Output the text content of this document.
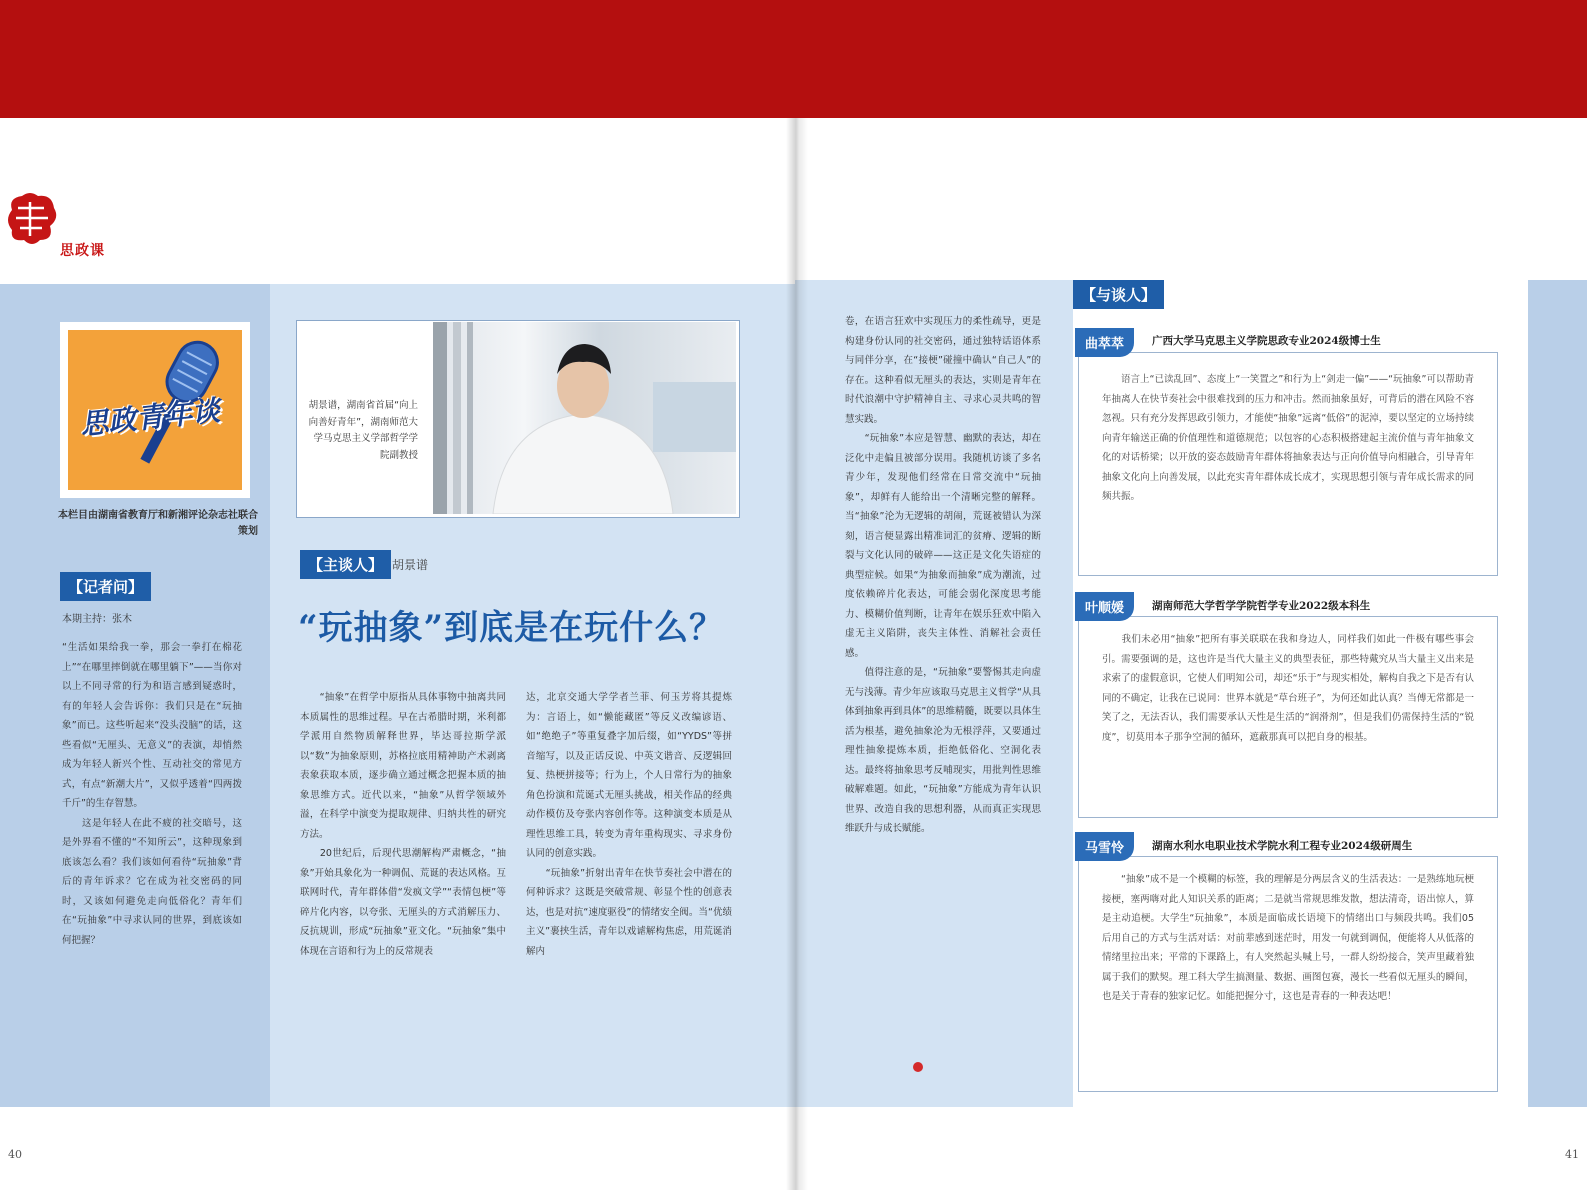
思政课
思政青年谈
本栏目由湖南省教育厅和新湘评论杂志社联合策划
【记者问】
本期主持：张木
“生活如果给我一拳，那会一拳打在棉花上”“在哪里摔倒就在哪里躺下”——当你对以上不同寻常的行为和语言感到疑惑时，有的年轻人会告诉你：我们只是在“玩抽象”而已。这些听起来“没头没脑”的话，这些看似“无厘头、无意义”的表演，却悄然成为年轻人新兴个性、互动社交的常见方式，有点“新潮大片”，又似乎透着“四两拨千斤”的生存智慧。
　　这是年轻人在此不疲的社交暗号，这是外界看不懂的“不知所云”，这种现象到底该怎么看？我们该如何看待“玩抽象”背后的青年诉求？它在成为社交密码的同时，又该如何避免走向低俗化？青年们在“玩抽象”中寻求认同的世界，到底该如何把握？
胡景谱，湖南省首届“向上向善好青年”，湖南师范大学马克思主义学部哲学学院副教授
【主谈人】 胡景谱
“玩抽象”到底是在玩什么？
　　“抽象”在哲学中原指从具体事物中抽离共同本质属性的思维过程。早在古希腊时期，米利都学派用自然物质解释世界，毕达哥拉斯学派以“数”为抽象原则，苏格拉底用精神助产术剥离表象获取本质，逐步确立通过概念把握本质的抽象思维方式。近代以来，“抽象”从哲学领域外溢，在科学中演变为提取规律、归纳共性的研究方法。
　　20世纪后，后现代思潮解构严肃概念，“抽象”开始具象化为一种调侃、荒诞的表达风格。互联网时代，青年群体借“发疯文学”“表情包梗”等碎片化内容，以夸张、无厘头的方式消解压力、反抗规训，形成“玩抽象”亚文化。“玩抽象”集中体现在言语和行为上的反常规表
达，北京交通大学学者兰菲、何玉芳将其提炼为：言语上，如“懒能藏匿”等反义改编谚语、如“绝绝子”等重复叠字加后缀，如“YYDS”等拼音缩写，以及正话反说、中英文谐音、反逻辑回复、热梗拼接等；行为上，个人日常行为的抽象角色扮演和荒诞式无厘头挑战，相关作品的经典动作模仿及夸张内容创作等。这种演变本质是从理性思维工具，转变为青年重构现实、寻求身份认同的创意实践。
　　“玩抽象”折射出青年在快节奏社会中潜在的何种诉求？这既是突破常规、彰显个性的创意表达，也是对抗“速度驱役”的情绪安全阀。当“优绩主义”裹挟生活，青年以戏谑解构焦虑，用荒诞消解内
卷，在语言狂欢中实现压力的柔性疏导，更是构建身份认同的社交密码，通过独特话语体系与同伴分享，在“接梗”碰撞中确认“自己人”的存在。这种看似无厘头的表达，实则是青年在时代浪潮中守护精神自主、寻求心灵共鸣的智慧实践。
　　“玩抽象”本应是智慧、幽默的表达，却在泛化中走偏且被部分误用。我随机访谈了多名青少年，发现他们经常在日常交流中“玩抽象”，却鲜有人能给出一个清晰完整的解释。当“抽象”沦为无逻辑的胡闹，荒诞被错认为深刻，语言便显露出精准词汇的贫瘠、逻辑的断裂与文化认同的破碎——这正是文化失语症的典型症候。如果“为抽象而抽象”成为潮流，过度依赖碎片化表达，可能会弱化深度思考能力、模糊价值判断，让青年在娱乐狂欢中陷入虚无主义陷阱，丧失主体性、消解社会责任感。
　　值得注意的是，“玩抽象”要警惕其走向虚无与浅薄。青少年应该取马克思主义哲学“从具体到抽象再到具体”的思维精髓，既要以具体生活为根基，避免抽象沦为无根浮萍，又要通过理性抽象提炼本质，拒绝低俗化、空洞化表达。最终将抽象思考反哺现实，用批判性思维破解难题。如此，“玩抽象”方能成为青年认识世界、改造自我的思想利器，从而真正实现思维跃升与成长赋能。
【与谈人】
曲萃萃	广西大学马克思主义学院思政专业2024级博士生
　　语言上“已读乱回”、态度上“一笑置之”和行为上“剑走一偏”——“玩抽象”可以帮助青年抽离人在快节奏社会中很难找到的压力和冲击。然而抽象虽好，可背后的潜在风险不容忽视。只有充分发挥思政引领力，才能使“抽象”远离“低俗”的泥淖，要以坚定的立场持续向青年输送正确的价值理性和道德规范；以包容的心态积极搭建起主流价值与青年抽象文化的对话桥梁；以开放的姿态鼓励青年群体将抽象表达与正向价值导向相融合，引导青年抽象文化向上向善发展，以此充实青年群体成长成才，实现思想引领与青年成长需求的同频共振。
叶顺媛	湖南师范大学哲学学院哲学专业2022级本科生
　　我们未必用“抽象”把所有事关联联在我和身边人，同样我们如此一件极有哪些事会引。需要强调的是，这也许是当代大量主义的典型表征，那些特戴究从当大量主义出来是求索了的虚假意识，它使人们明知公司，却还“乐于”与现实相处，解构自我之下是否有认同的不确定，让我在已说同：世界本就是“草台班子”，为何还如此认真？当傅无常都是一笑了之，无法否认，我们需要承认天性是生活的“润滑剂”，但是我们仍需保持生活的“锐度”，切莫用本子那争空洞的循环，遮蔽那真可以把自身的根基。
马雪怜	湖南水利水电职业技术学院水利工程专业2024级研周生
　　“抽象”成不是一个模糊的标签，我的理解是分两层含义的生活表达：一是熟练地玩梗接梗，塞两嗨对此人知识关系的距离；二是就当常规思维发散，想法清奇，语出惊人，算是主动追梗。大学生“玩抽象”，本质是面临成长语境下的情绪出口与频段共鸣。我们05后用自己的方式与生活对话：对前辈感到迷茫时，用发一句就到调侃，便能将人从低落的情绪里拉出来；平常的下课路上，有人突然起头喊上号，一群人纷纷接合，笑声里藏着独属于我们的默契。理工科大学生搞测量、数据、画图包赛，漫长一些看似无厘头的瞬间，也是关于青春的独家记忆。如能把握分寸，这也是青春的一种表达吧！
40	41
